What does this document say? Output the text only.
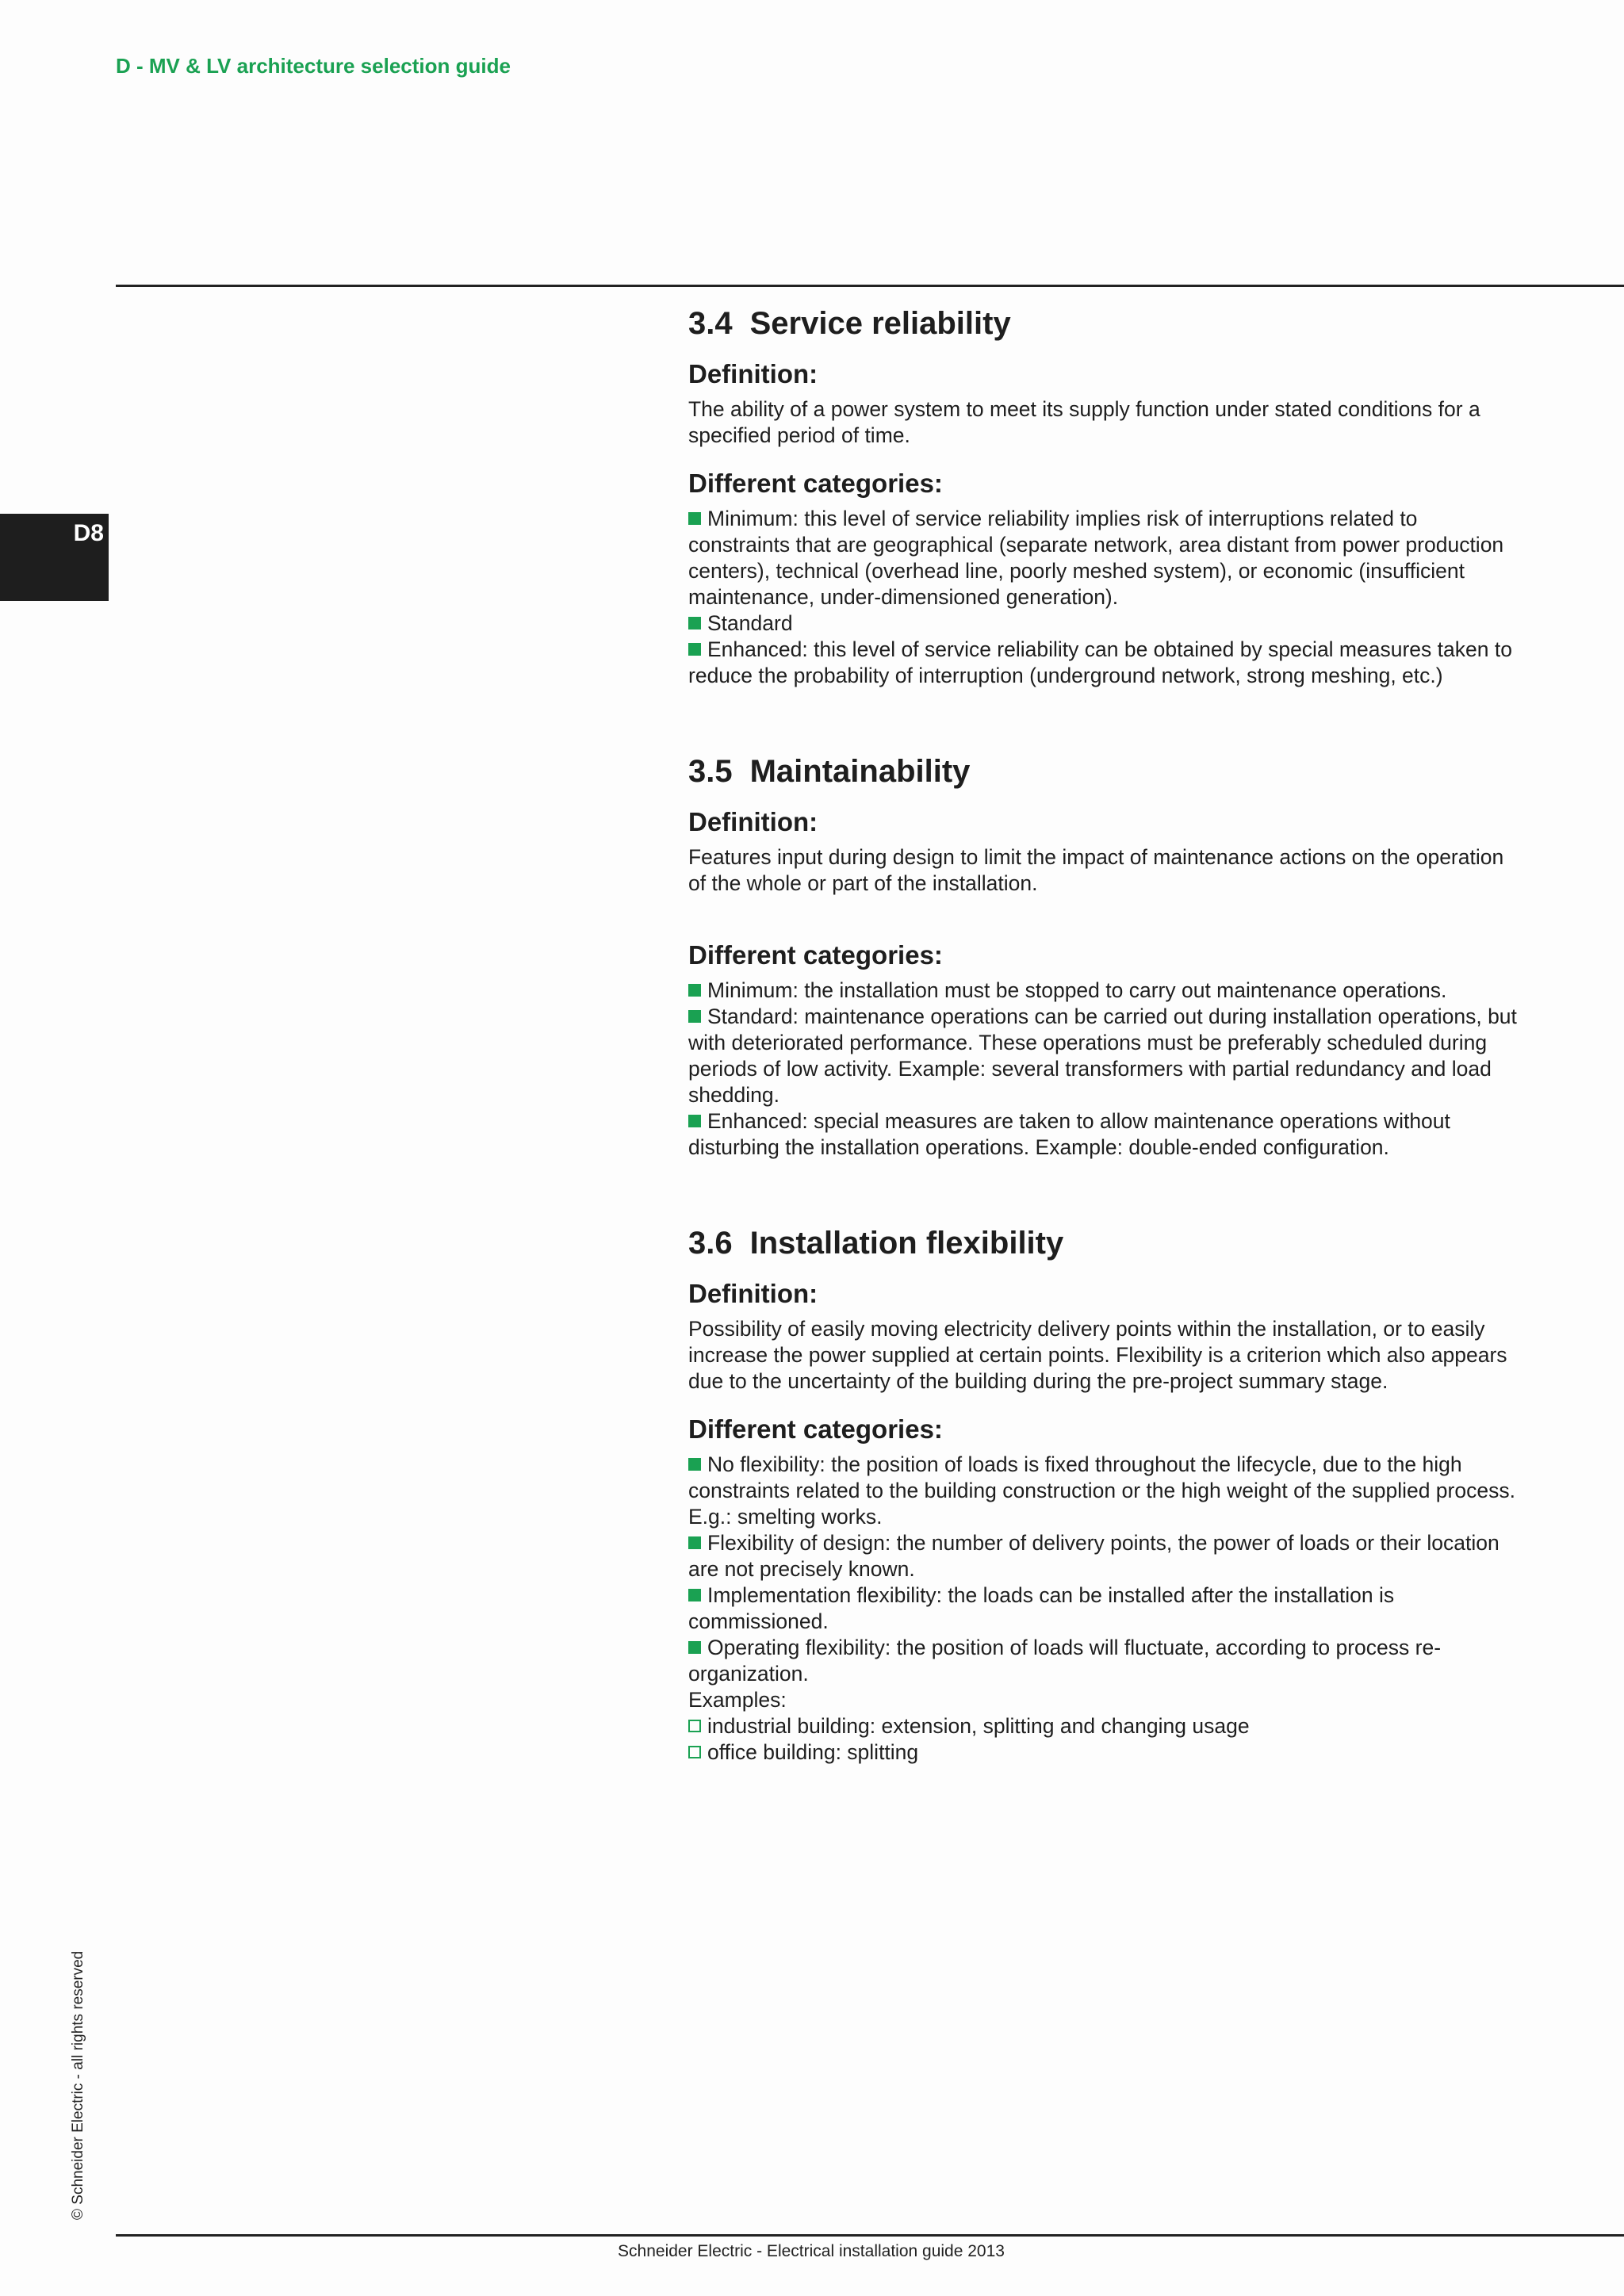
D - MV & LV architecture selection guide
D8
© Schneider Electric - all rights reserved
3.4 Service reliability
Definition:

The ability of a power system to meet its supply function under stated conditions for a specified period of time.

Different categories:
Minimum: this level of service reliability implies risk of interruptions related to constraints that are geographical (separate network, area distant from power production centers), technical (overhead line, poorly meshed system), or economic (insufficient maintenance, under-dimensioned generation).
Standard
Enhanced: this level of service reliability can be obtained by special measures taken to reduce the probability of interruption (underground network, strong meshing, etc.)
3.5 Maintainability
Definition:

Features input during design to limit the impact of maintenance actions on the operation of the whole or part of the installation.

Different categories:
Minimum: the installation must be stopped to carry out maintenance operations.
Standard: maintenance operations can be carried out during installation operations, but with deteriorated performance. These operations must be preferably scheduled during periods of low activity. Example: several transformers with partial redundancy and load shedding.
Enhanced: special measures are taken to allow maintenance operations without disturbing the installation operations. Example: double-ended configuration.
3.6 Installation flexibility
Definition:

Possibility of easily moving electricity delivery points within the installation, or to easily increase the power supplied at certain points. Flexibility is a criterion which also appears due to the uncertainty of the building during the pre-project summary stage.

Different categories:
No flexibility: the position of loads is fixed throughout the lifecycle, due to the high constraints related to the building construction or the high weight of the supplied process. E.g.: smelting works.
Flexibility of design: the number of delivery points, the power of loads or their location are not precisely known.
Implementation flexibility: the loads can be installed after the installation is commissioned.
Operating flexibility: the position of loads will fluctuate, according to process re-organization.
Examples:
industrial building: extension, splitting and changing usage
office building: splitting
Schneider Electric - Electrical installation guide 2013
